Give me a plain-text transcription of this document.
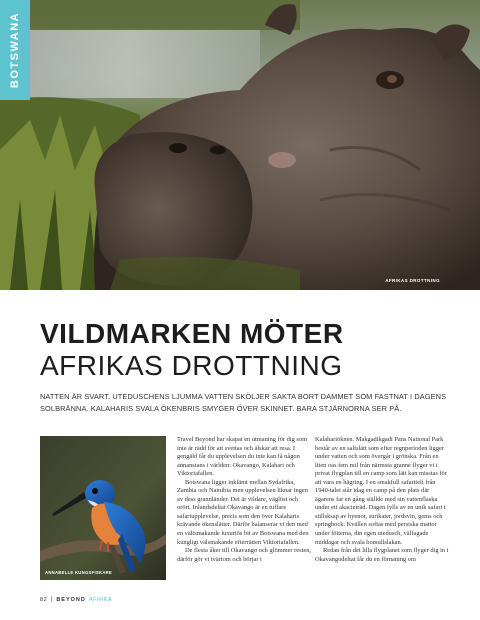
BOTSWANA
AFRIKAS DROTTNING
VILDMARKEN MÖTER
AFRIKAS DROTTNING

NATTEN ÄR SVART. UTEDUSCHENS LJUMMA VATTEN SKÖLJER SAKTA BORT DAMMET SOM FASTNAT I DAGENS SOLBRÄNNA. KALAHARIS SVALA ÖKENBRIS SMYGER ÖVER SKINNET. BARA STJÄRNORNA SER PÅ.

ANNABELLE KUNGSFISKARE

Travel Beyond har skapat en utmaning för dig som inte är rädd för att svettas och älskar att resa. I gengäld får du upplevelsen du inte kan få någon annanstans i världen: Okavango, Kalahari och Viktoriafallen.

Botswana ligger inklämt mellan Sydafrika, Zambia och Namibia men upplevelsen liknar ingen av dess grannländer. Det är vildare, väglöst och orört. Inlandsdeltat Okavango är en tuffare safariupplevelse, precis som den över Kalaharis krävande ökenslätter. Därför balanserar vi den med en vältsmakande luxuriös bit av Botswana med den kungligt välsmakande efterrätten Viktoriafallen.

De flesta åker till Okavango och glömmer resten, därför gör vi tvärtom och börjar i

Kalahariöknen. Makgadikgadi Pans National Park består av en saltslätt som efter regnperioden ligger under vatten och som övergår i grönska. Från en liten oas fem mil från närmsta granne flyger vi i privat flygplan till en camp som lätt kan misstas för att vara en hägring. I en smakfull safaritelt från 1940-talet står idag en camp på den plats där ägarens far en gång ställde med sin vattenflaska under ett akacieträd. Dagen fylls av en unik safari i stillsksap av hyenor, surikater, jordsvin, gems och springbock. Kvällen softas med persiska mattor under fötterna, din egen utedusch, välfagade middagar och svala bomullslakan.

Redan från det lilla flygplanet som flyger dig in i Okavangodeltat får du en förnaning om

82 BEYOND AFRIKA
